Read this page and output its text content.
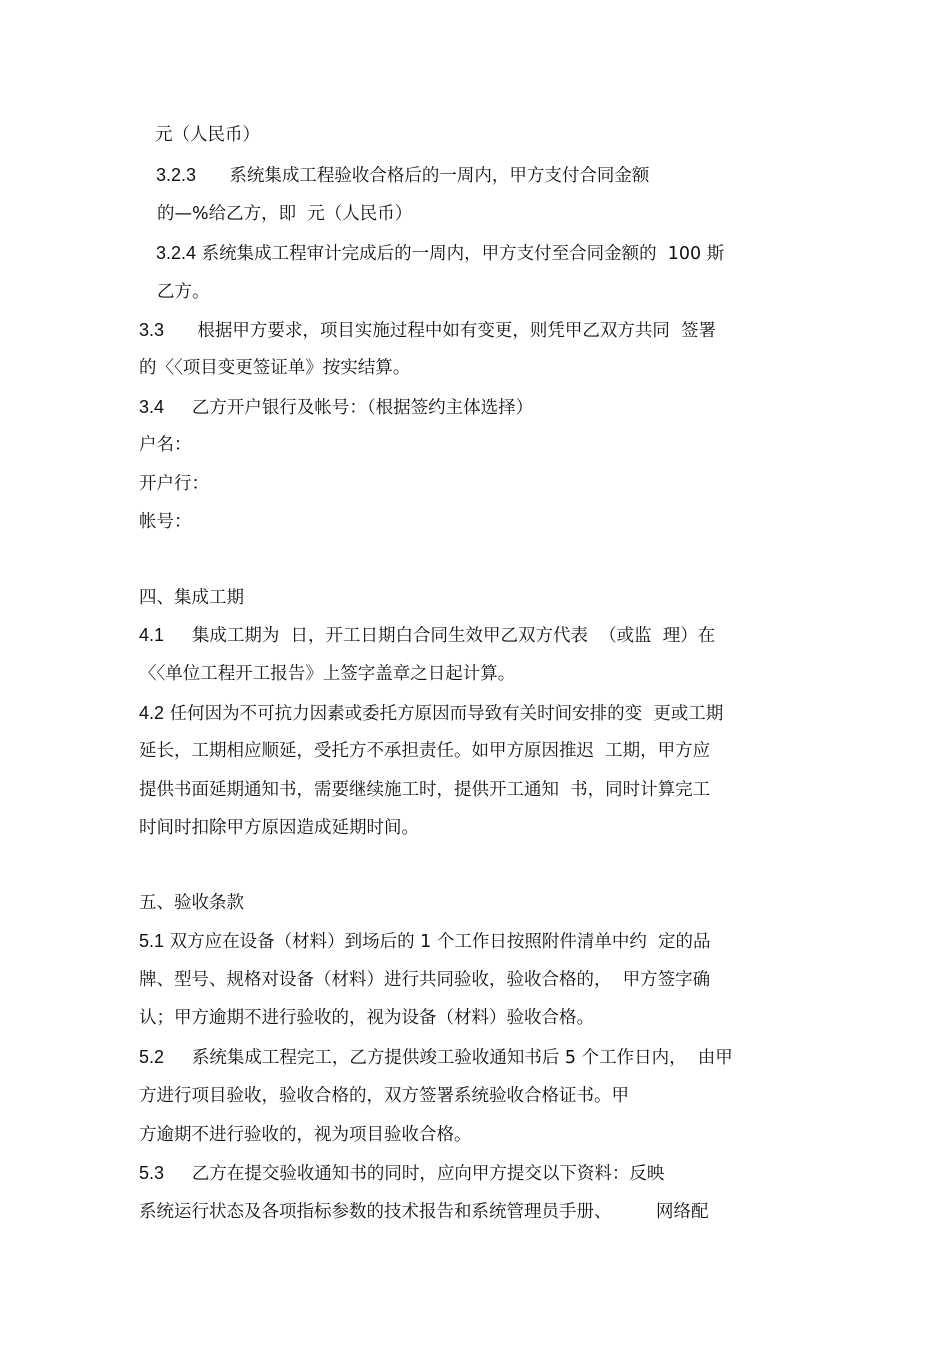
元（人民币）
3.2.3      系统集成工程验收合格后的一周内，甲方支付合同金额
的—%给乙方，即  元（人民币）
3.2.4 系统集成工程审计完成后的一周内，甲方支付至合同金额的  100 斯
乙方。
3.3      根据甲方要求，项目实施过程中如有变更，则凭甲乙双方共同  签署
的〈〈项目变更签证单》按实结算。
3.4     乙方开户银行及帐号：（根据签约主体选择）
户名：
开户行：
帐号：
四、集成工期
4.1     集成工期为  日，开工日期白合同生效甲乙双方代表  （或监  理）在
〈〈单位工程开工报告》上签字盖章之日起计算。
4.2 任何因为不可抗力因素或委托方原因而导致有关时间安排的变  更或工期
延长，工期相应顺延，受托方不承担责任。如甲方原因推迟  工期，甲方应
提供书面延期通知书，需要继续施工时，提供开工通知  书，同时计算完工
时间时扣除甲方原因造成延期时间。
五、验收条款
5.1 双方应在设备（材料）到场后的 1 个工作日按照附件清单中约  定的品
牌、型号、规格对设备（材料）进行共同验收，验收合格的，  甲方签字确
认；甲方逾期不进行验收的，视为设备（材料）验收合格。
5.2     系统集成工程完工，乙方提供竣工验收通知书后 5 个工作日内，  由甲
方进行项目验收，验收合格的，双方签署系统验收合格证书。甲
方逾期不进行验收的，视为项目验收合格。
5.3     乙方在提交验收通知书的同时，应向甲方提交以下资料：反映
系统运行状态及各项指标参数的技术报告和系统管理员手册、        网络配
